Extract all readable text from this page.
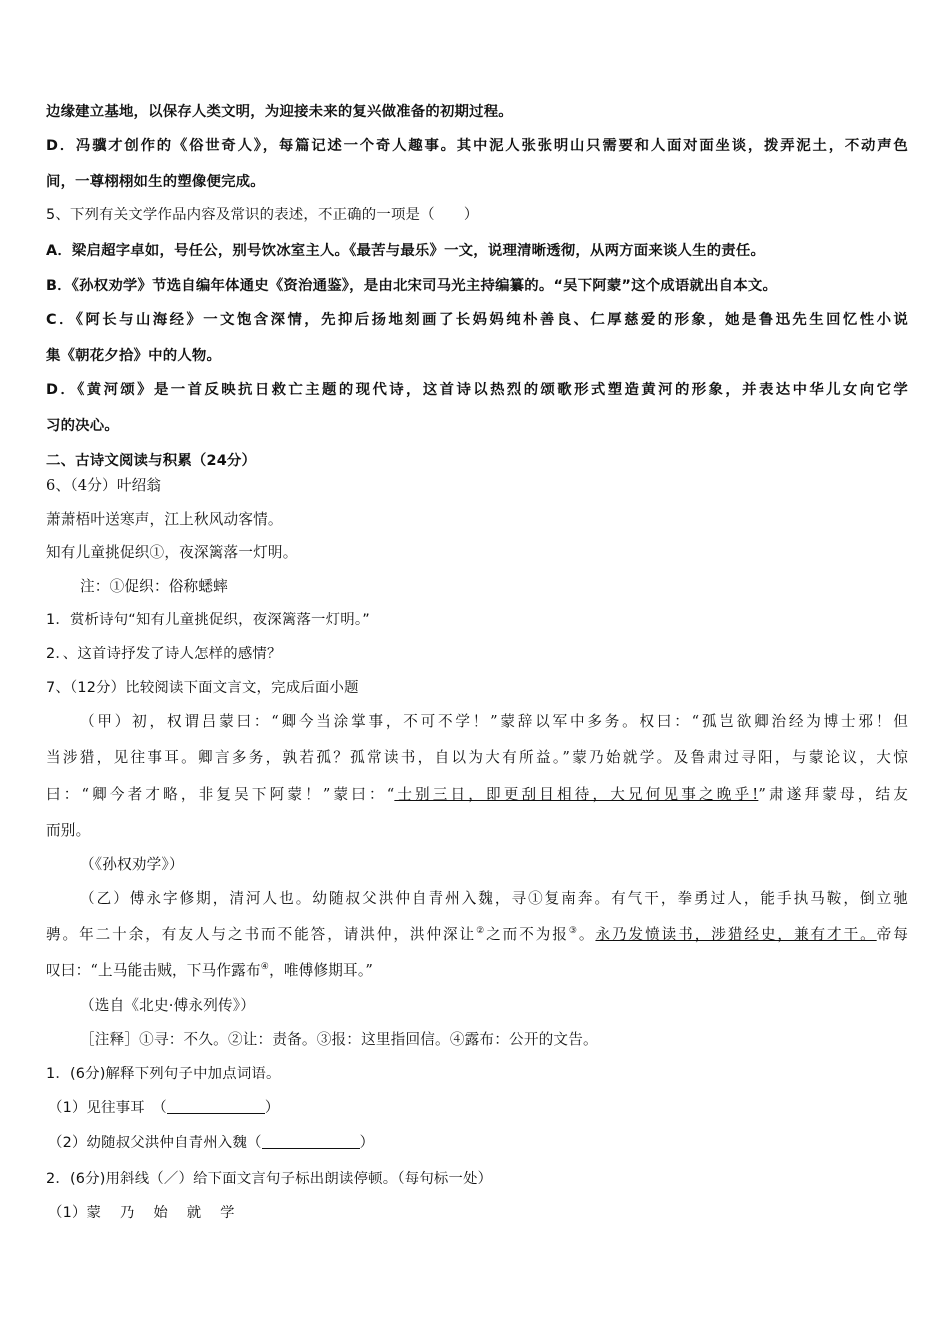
边缘建立基地，以保存人类文明，为迎接未来的复兴做准备的初期过程。
D．冯骥才创作的《俗世奇人》，每篇记述一个奇人趣事。其中泥人张张明山只需要和人面对面坐谈，拨弄泥土，不动声色
间，一尊栩栩如生的塑像便完成。
5、下列有关文学作品内容及常识的表述，不正确的一项是（　　）
A．梁启超字卓如，号任公，别号饮冰室主人。《最苦与最乐》一文，说理清晰透彻，从两方面来谈人生的责任。
B．《孙权劝学》节选自编年体通史《资治通鉴》，是由北宋司马光主持编纂的。“吴下阿蒙”这个成语就出自本文。
C．《阿长与山海经》一文饱含深情，先抑后扬地刻画了长妈妈纯朴善良、仁厚慈爱的形象，她是鲁迅先生回忆性小说
集《朝花夕拾》中的人物。
D．《黄河颂》是一首反映抗日救亡主题的现代诗，这首诗以热烈的颂歌形式塑造黄河的形象，并表达中华儿女向它学
习的决心。
二、古诗文阅读与积累（24分）
6、（4分）叶绍翁
萧萧梧叶送寒声，江上秋风动客情。
知有儿童挑促织①，夜深篱落一灯明。
注：①促织：俗称蟋蟀
1．赏析诗句“知有儿童挑促织，夜深篱落一灯明。”
2．、这首诗抒发了诗人怎样的感情？
7、（12分）比较阅读下面文言文，完成后面小题
（甲）初，权谓吕蒙曰：“卿今当涂掌事，不可不学！”蒙辞以军中多务。权曰：“孤岂欲卿治经为博士邪！但
当涉猎，见往事耳。卿言多务，孰若孤？孤常读书，自以为大有所益。”蒙乃始就学。及鲁肃过寻阳，与蒙论议，大惊
曰：“卿今者才略，非复吴下阿蒙！”蒙曰：“士别三日，即更刮目相待，大兄何见事之晚乎!”肃遂拜蒙母，结友
而别。
（《孙权劝学》）
（乙）傅永字修期，清河人也。幼随叔父洪仲自青州入魏，寻①复南奔。有气干，拳勇过人，能手执马鞍，倒立驰
骋。年二十余，有友人与之书而不能答，请洪仲，洪仲深让②之而不为报③。永乃发愤读书，涉猎经史，兼有才干。帝每
叹曰：“上马能击贼，下马作露布④，唯傅修期耳。”
（选自《北史·傅永列传》）
［注释］①寻：不久。②让：责备。③报：这里指回信。④露布：公开的文告。
1．(6分)解释下列句子中加点词语。
（1）见往事耳　（	）
（2）幼随叔父洪仲自青州入魏（	）
2．(6分)用斜线（／）给下面文言句子标出朗读停顿。（每句标一处）
（1）蒙乃始就学
